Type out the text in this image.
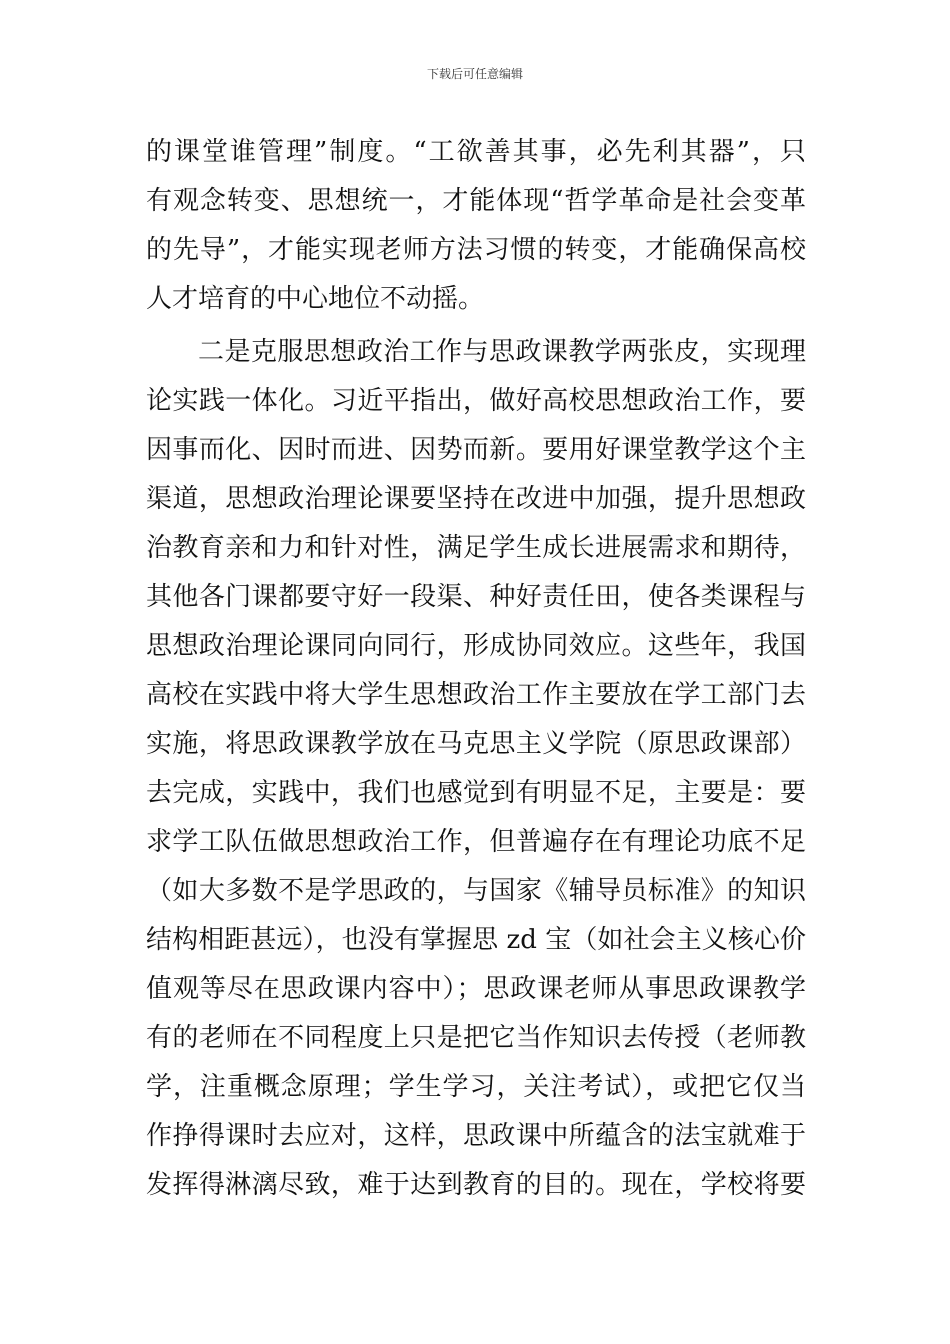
下载后可任意编辑
的课堂谁管理”制度。“工欲善其事，必先利其器”，只
有观念转变、思想统一，才能体现“哲学革命是社会变革
的先导”，才能实现老师方法习惯的转变，才能确保高校
人才培育的中心地位不动摇。
二是克服思想政治工作与思政课教学两张皮，实现理
论实践一体化。习近平指出，做好高校思想政治工作，要
因事而化、因时而进、因势而新。要用好课堂教学这个主
渠道，思想政治理论课要坚持在改进中加强，提升思想政
治教育亲和力和针对性，满足学生成长进展需求和期待，
其他各门课都要守好一段渠、种好责任田，使各类课程与
思想政治理论课同向同行，形成协同效应。这些年，我国
高校在实践中将大学生思想政治工作主要放在学工部门去
实施，将思政课教学放在马克思主义学院（原思政课部）
去完成，实践中，我们也感觉到有明显不足，主要是：要
求学工队伍做思想政治工作，但普遍存在有理论功底不足
（如大多数不是学思政的，与国家《辅导员标准》的知识
结构相距甚远），也没有掌握思 zd 宝（如社会主义核心价
值观等尽在思政课内容中）；思政课老师从事思政课教学
有的老师在不同程度上只是把它当作知识去传授（老师教
学，注重概念原理；学生学习，关注考试），或把它仅当
作挣得课时去应对，这样，思政课中所蕴含的法宝就难于
发挥得淋漓尽致，难于达到教育的目的。现在，学校将要
